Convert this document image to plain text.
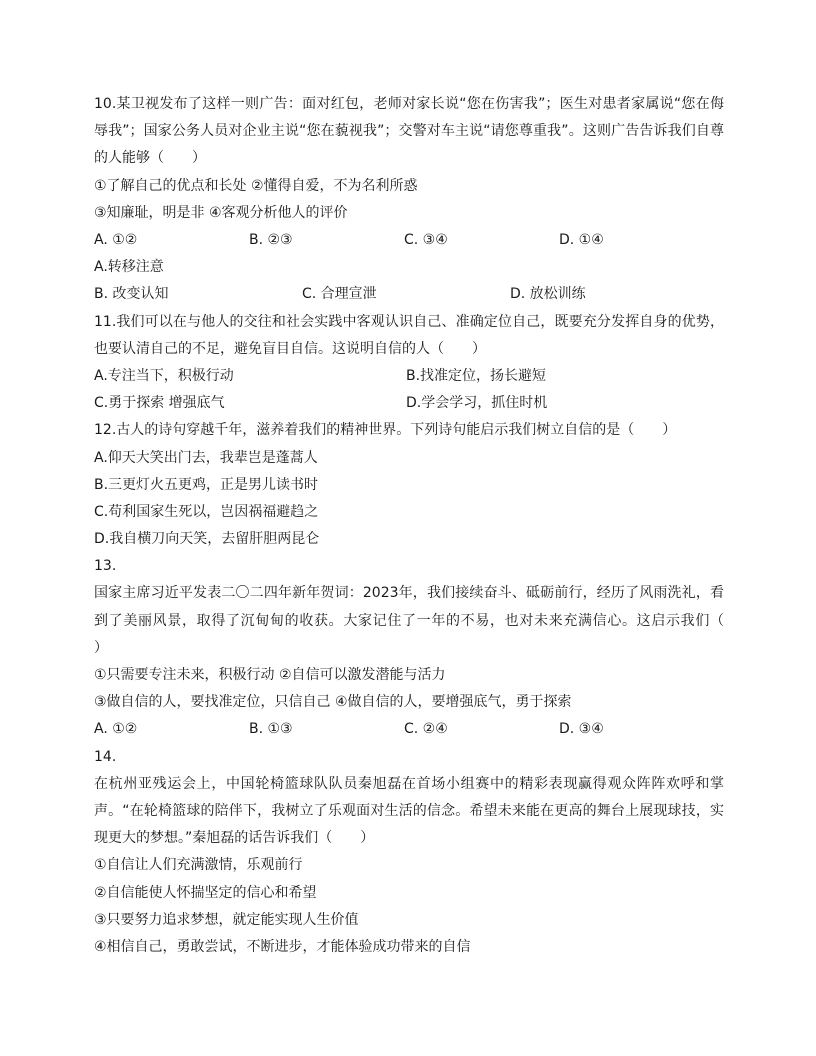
10.某卫视发布了这样一则广告：面对红包，老师对家长说“您在伤害我”；医生对患者家属说“您在侮辱我”；国家公务人员对企业主说“您在藐视我”；交警对车主说“请您尊重我”。这则广告告诉我们自尊的人能够（　　）
①了解自己的优点和长处 ②懂得自爱，不为名利所惑
③知廉耻，明是非 ④客观分析他人的评价
A. ①②	B. ②③	C. ③④	D. ①④
A.转移注意
B. 改变认知	C. 合理宣泄	D. 放松训练
11.我们可以在与他人的交往和社会实践中客观认识自己、准确定位自己，既要充分发挥自身的优势，也要认清自己的不足，避免盲目自信。这说明自信的人（　　）
A.专注当下，积极行动	B.找准定位，扬长避短
C.勇于探索 增强底气	D.学会学习，抓住时机
12.古人的诗句穿越千年，滋养着我们的精神世界。下列诗句能启示我们树立自信的是（　　）
A.仰天大笑出门去，我辈岂是蓬蒿人
B.三更灯火五更鸡，正是男儿读书时
C.苟利国家生死以，岂因祸福避趋之
D.我自横刀向天笑，去留肝胆两昆仑
13.
国家主席习近平发表二〇二四年新年贺词：2023年，我们接续奋斗、砥砺前行，经历了风雨洗礼，看到了美丽风景，取得了沉甸甸的收获。大家记住了一年的不易，也对未来充满信心。这启示我们（　　）
①只需要专注未来，积极行动 ②自信可以激发潜能与活力
③做自信的人，要找准定位，只信自己 ④做自信的人，要增强底气，勇于探索
A. ①②	B. ①③	C. ②④	D. ③④
14.
在杭州亚残运会上，中国轮椅篮球队队员秦旭磊在首场小组赛中的精彩表现赢得观众阵阵欢呼和掌声。“在轮椅篮球的陪伴下，我树立了乐观面对生活的信念。希望未来能在更高的舞台上展现球技，实现更大的梦想。”秦旭磊的话告诉我们（　　）
①自信让人们充满激情，乐观前行
②自信能使人怀揣坚定的信心和希望
③只要努力追求梦想，就定能实现人生价值
④相信自己，勇敢尝试，不断进步，才能体验成功带来的自信
